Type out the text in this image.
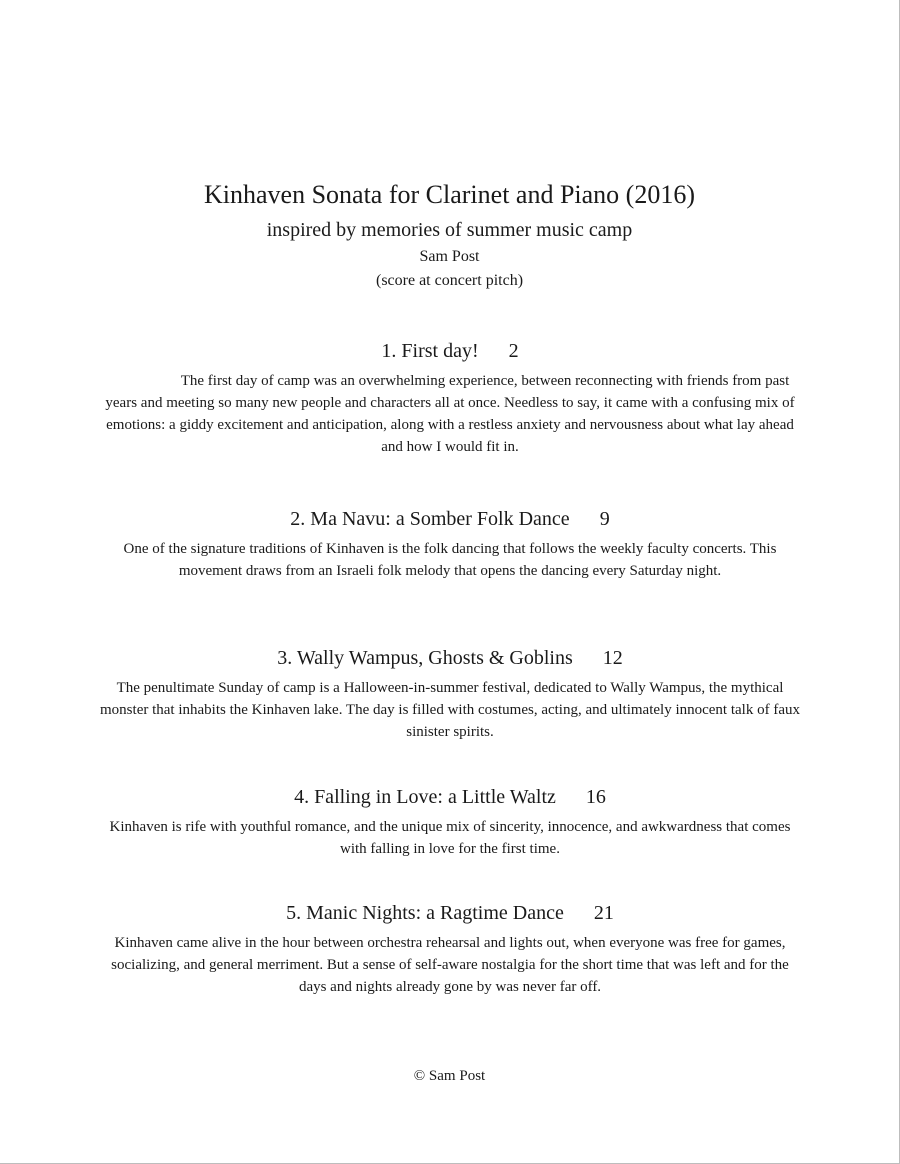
Kinhaven Sonata for Clarinet and Piano (2016)
inspired by memories of summer music camp
Sam Post
(score at concert pitch)
1. First day! 2

The first day of camp was an overwhelming experience, between reconnecting with friends from past years and meeting so many new people and characters all at once. Needless to say, it came with a confusing mix of emotions: a giddy excitement and anticipation, along with a restless anxiety and nervousness about what lay ahead and how I would fit in.

2. Ma Navu: a Somber Folk Dance 9

One of the signature traditions of Kinhaven is the folk dancing that follows the weekly faculty concerts. This movement draws from an Israeli folk melody that opens the dancing every Saturday night.

3. Wally Wampus, Ghosts & Goblins 12

The penultimate Sunday of camp is a Halloween-in-summer festival, dedicated to Wally Wampus, the mythical monster that inhabits the Kinhaven lake. The day is filled with costumes, acting, and ultimately innocent talk of faux sinister spirits.

4. Falling in Love: a Little Waltz 16

Kinhaven is rife with youthful romance, and the unique mix of sincerity, innocence, and awkwardness that comes with falling in love for the first time.

5. Manic Nights: a Ragtime Dance 21

Kinhaven came alive in the hour between orchestra rehearsal and lights out, when everyone was free for games, socializing, and general merriment. But a sense of self-aware nostalgia for the short time that was left and for the days and nights already gone by was never far off.

© Sam Post
